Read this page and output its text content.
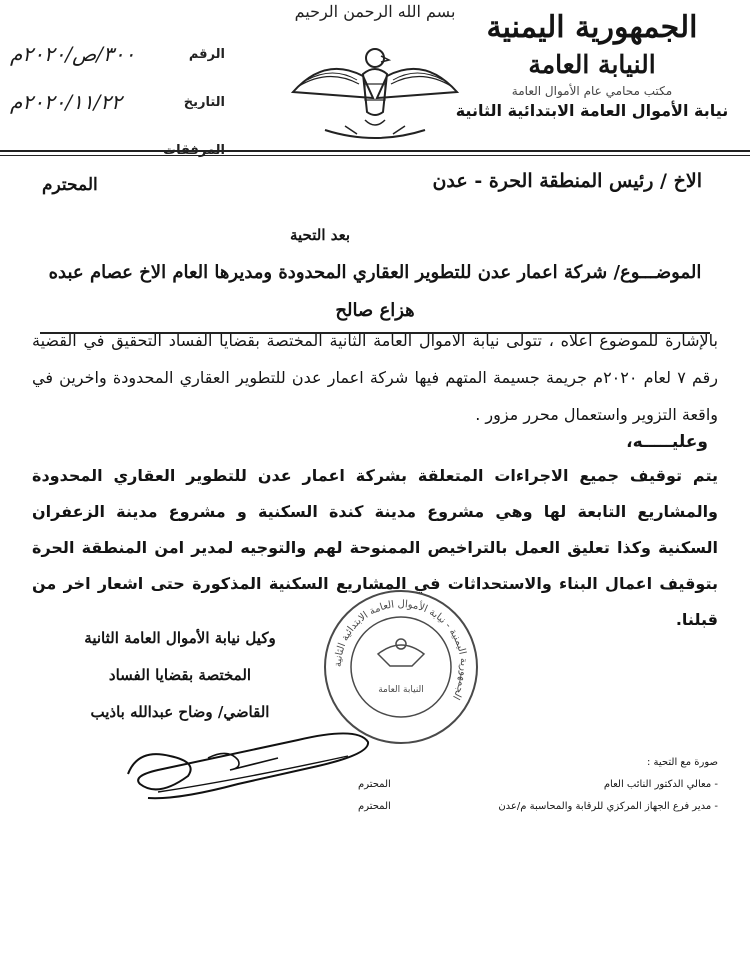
الجمهورية اليمنية
النيابة العامة
مكتب محامي عام الأموال العامة
نيابة الأموال العامة الابتدائية الثانية
بسم الله الرحمن الرحيم
٣٠٠/ص/٢٠٢٠م	الرقم
٢٠٢٠/١١/٢٢م	التاريخ
الاخ / رئيس المنطقة الحرة - عدن
المحترم
بعد التحية
الموضـــوع/ شركة اعمار عدن للتطوير العقاري المحدودة ومديرها العام الاخ عصام عبده هزاع صالح
بالإشارة للموضوع اعلاه ، تتولى نيابة الاموال العامة الثانية المختصة بقضايا الفساد التحقيق في القضية رقم ٧ لعام ٢٠٢٠م جريمة جسيمة المتهم فيها شركة اعمار عدن للتطوير العقاري المحدودة واخرين في واقعة التزوير واستعمال محرر مزور .
وعليـــــه،
يتم توقيف جميع الاجراءات المتعلقة بشركة اعمار عدن للتطوير العقاري المحدودة والمشاريع التابعة لها وهي مشروع مدينة كندة السكنية و مشروع مدينة الزعفران السكنية وكذا تعليق العمل بالتراخيص الممنوحة لهم والتوجيه لمدير امن المنطقة الحرة بتوقيف اعمال البناء والاستحداثات في المشاريع السكنية المذكورة حتى اشعار اخر من قبلنا.
الجمهورية اليمنية - نيابة الأموال العامة الابتدائية الثانية
النيابة العامة
وكيل نيابة الأموال العامة الثانية
المختصة بقضايا الفساد
القاضي/ وضاح عبدالله باذيب
صورة مع التحية :
- معالي الدكتور النائب العام
المحترم
- مدير فرع الجهاز المركزي للرقابة والمحاسبة م/عدن
المحترم
